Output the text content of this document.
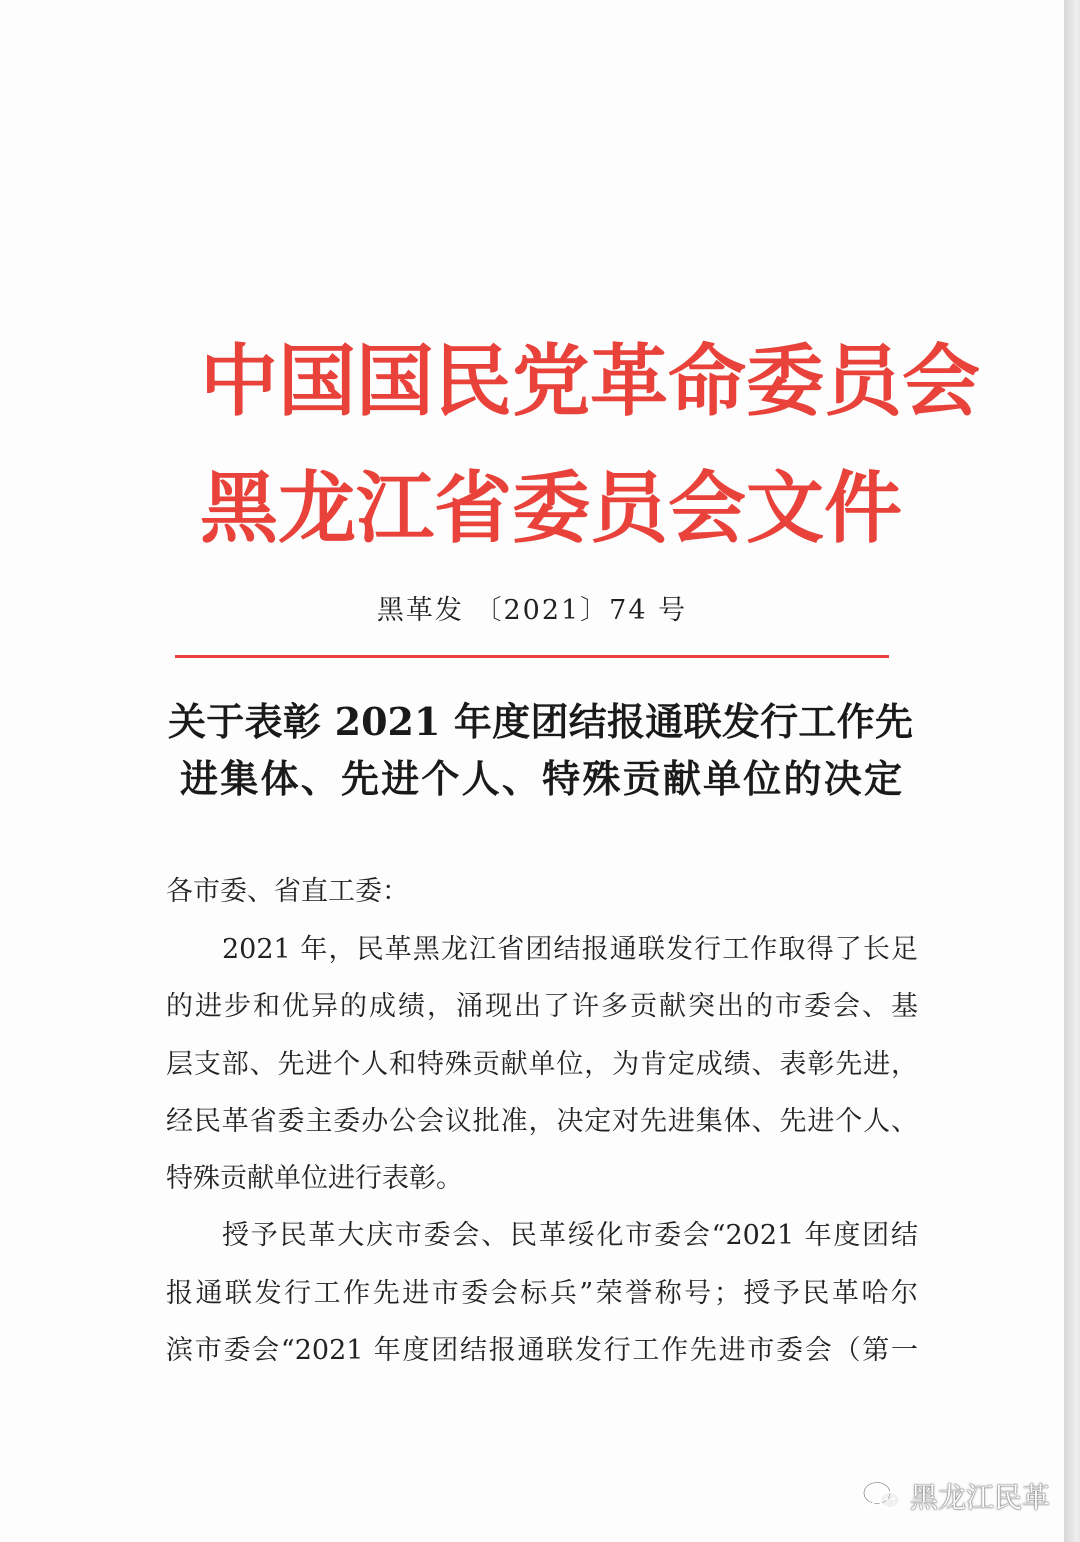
中国国民党革命委员会
黑龙江省委员会文件
黑革发 〔2021〕74 号
关于表彰 2021 年度团结报通联发行工作先
进集体、先进个人、特殊贡献单位的决定
各市委、省直工委：
2021 年，民革黑龙江省团结报通联发行工作取得了长足
的进步和优异的成绩，涌现出了许多贡献突出的市委会、基
层支部、先进个人和特殊贡献单位，为肯定成绩、表彰先进，
经民革省委主委办公会议批准，决定对先进集体、先进个人、
特殊贡献单位进行表彰。
授予民革大庆市委会、民革绥化市委会“2021 年度团结
报通联发行工作先进市委会标兵”荣誉称号；授予民革哈尔
滨市委会“2021 年度团结报通联发行工作先进市委会（第一
黑龙江民革
